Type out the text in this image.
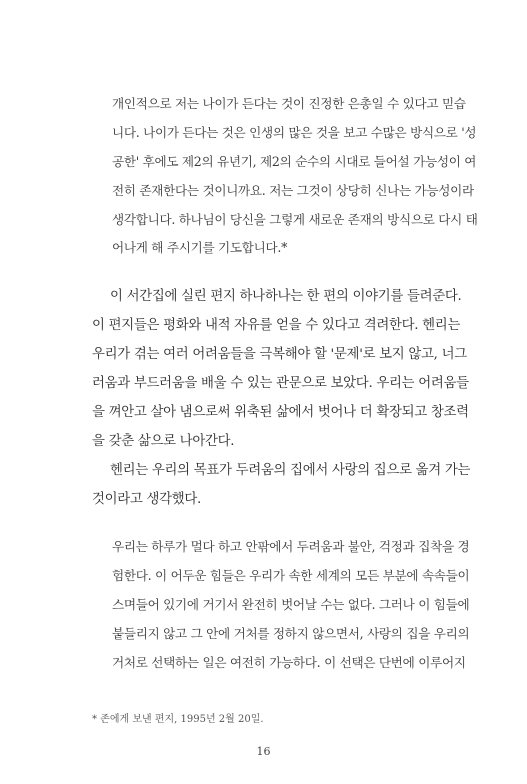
개인적으로 저는 나이가 든다는 것이 진정한 은총일 수 있다고 믿습
니다. 나이가 든다는 것은 인생의 많은 것을 보고 수많은 방식으로 '성
공한' 후에도 제2의 유년기, 제2의 순수의 시대로 들어설 가능성이 여
전히 존재한다는 것이니까요. 저는 그것이 상당히 신나는 가능성이라
생각합니다. 하나님이 당신을 그렇게 새로운 존재의 방식으로 다시 태
어나게 해 주시기를 기도합니다.*
이 서간집에 실린 편지 하나하나는 한 편의 이야기를 들려준다.
이 편지들은 평화와 내적 자유를 얻을 수 있다고 격려한다. 헨리는
우리가 겪는 여러 어려움들을 극복해야 할 '문제'로 보지 않고, 너그
러움과 부드러움을 배울 수 있는 관문으로 보았다. 우리는 어려움들
을 껴안고 살아 냄으로써 위축된 삶에서 벗어나 더 확장되고 창조력
을 갖춘 삶으로 나아간다.
헨리는 우리의 목표가 두려움의 집에서 사랑의 집으로 옮겨 가는
것이라고 생각했다.
우리는 하루가 멀다 하고 안팎에서 두려움과 불안, 걱정과 집착을 경
험한다. 이 어두운 힘들은 우리가 속한 세계의 모든 부분에 속속들이
스며들어 있기에 거기서 완전히 벗어날 수는 없다. 그러나 이 힘들에
붙들리지 않고 그 안에 거처를 정하지 않으면서, 사랑의 집을 우리의
거처로 선택하는 일은 여전히 가능하다. 이 선택은 단번에 이루어지
* 존에게 보낸 편지, 1995년 2월 20일.
16
